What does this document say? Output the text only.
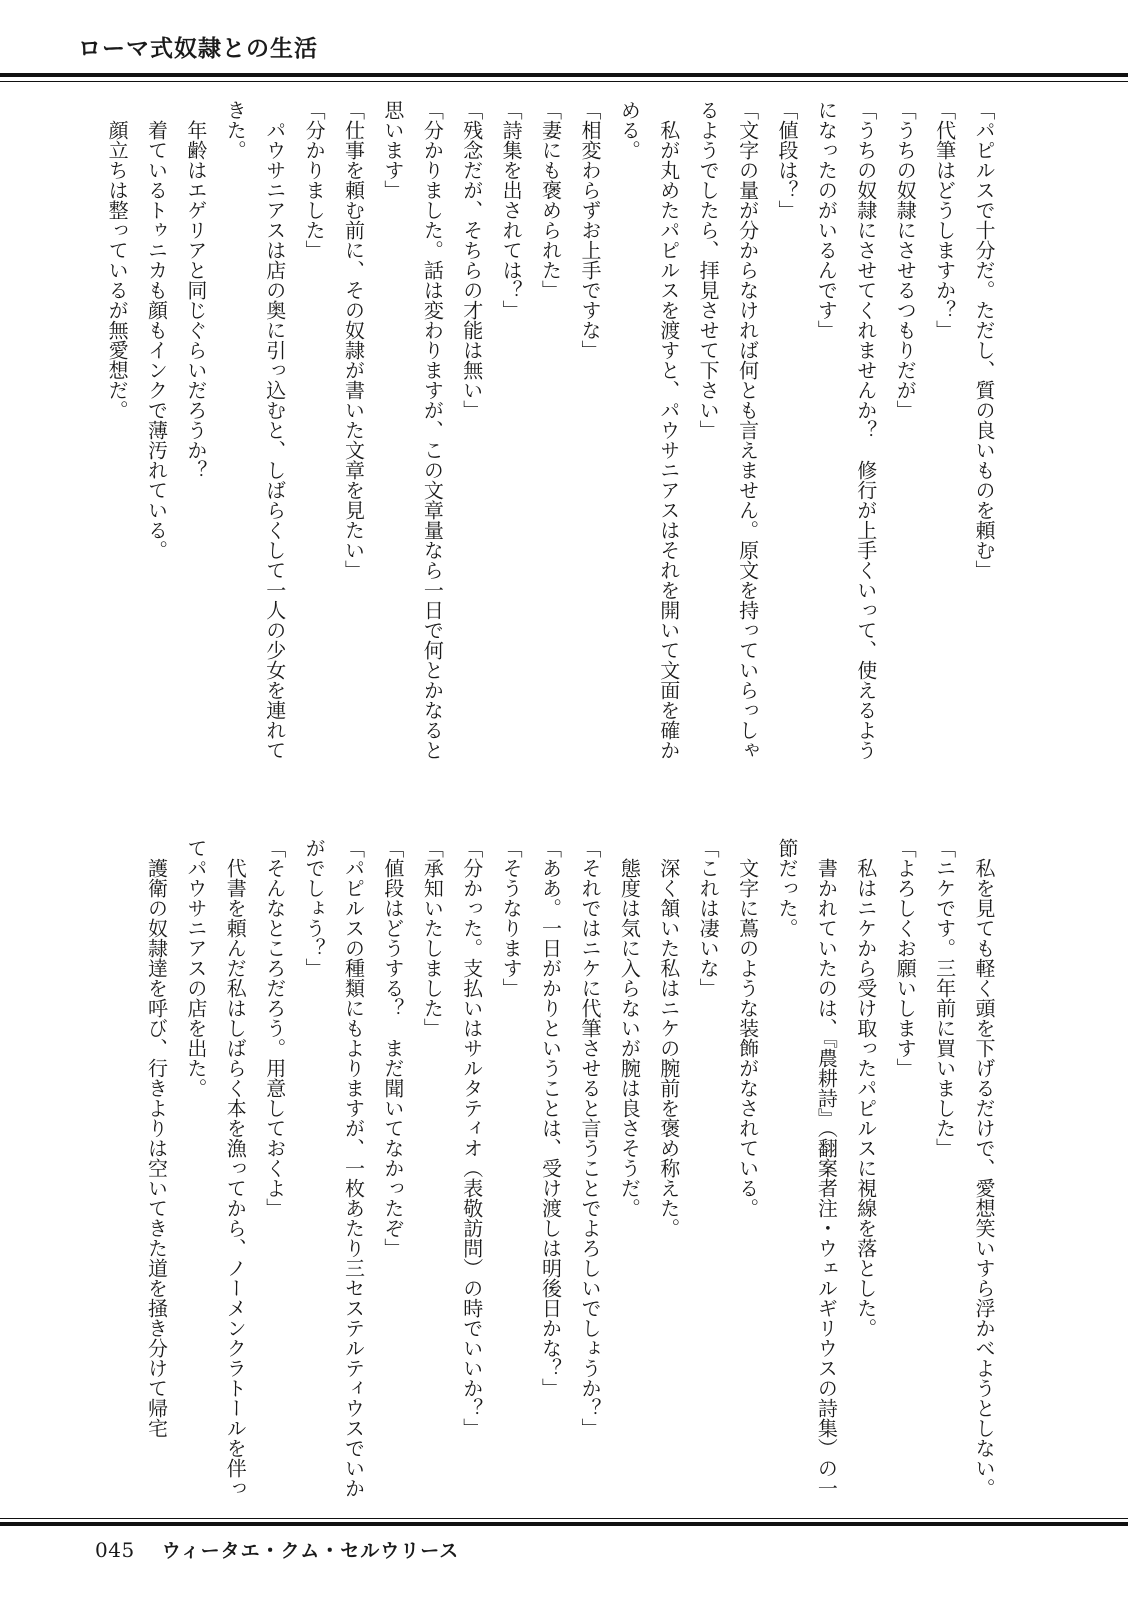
ローマ式奴隷との生活

「パピルスで十分だ。ただし、質の良いものを頼む」

「代筆はどうしますか？」

「うちの奴隷にさせるつもりだが」

「うちの奴隷にさせてくれませんか？　修行が上手くいって、使えるようになったのがいるんです」

「値段は？」

「文字の量が分からなければ何とも言えません。原文を持っていらっしゃるようでしたら、拝見させて下さい」

私が丸めたパピルスを渡すと、パウサニアスはそれを開いて文面を確かめる。

「相変わらずお上手ですな」

「妻にも褒められた」

「詩集を出されては？」

「残念だが、そちらの才能は無い」

「分かりました。話は変わりますが、この文章量なら一日で何とかなると思います」

「仕事を頼む前に、その奴隷が書いた文章を見たい」

「分かりました」

パウサニアスは店の奥に引っ込むと、しばらくして一人の少女を連れてきた。

年齢はエゲリアと同じぐらいだろうか？

着ているトゥニカも顔もインクで薄汚れている。

顔立ちは整っているが無愛想だ。

私を見ても軽く頭を下げるだけで、愛想笑いすら浮かべようとしない。

「ニケです。三年前に買いました」

「よろしくお願いします」

私はニケから受け取ったパピルスに視線を落とした。

書かれていたのは、『農耕詩』（翻案者注・ウェルギリウスの詩集）の一節だった。

文字に蔦のような装飾がなされている。

「これは凄いな」

深く頷いた私はニケの腕前を褒め称えた。

態度は気に入らないが腕は良さそうだ。

「それではニケに代筆させると言うことでよろしいでしょうか？」

「ああ。一日がかりということは、受け渡しは明後日かな？」

「そうなります」

「分かった。支払いはサルタティオ（表敬訪問）の時でいいか？」

「承知いたしました」

「値段はどうする？　まだ聞いてなかったぞ」

「パピルスの種類にもよりますが、一枚あたり三セステルティウスでいかがでしょう？」

「そんなところだろう。用意しておくよ」

代書を頼んだ私はしばらく本を漁ってから、ノーメンクラトールを伴ってパウサニアスの店を出た。

護衛の奴隷達を呼び、行きよりは空いてきた道を掻き分けて帰宅

045 ウィータエ・クム・セルウリース
